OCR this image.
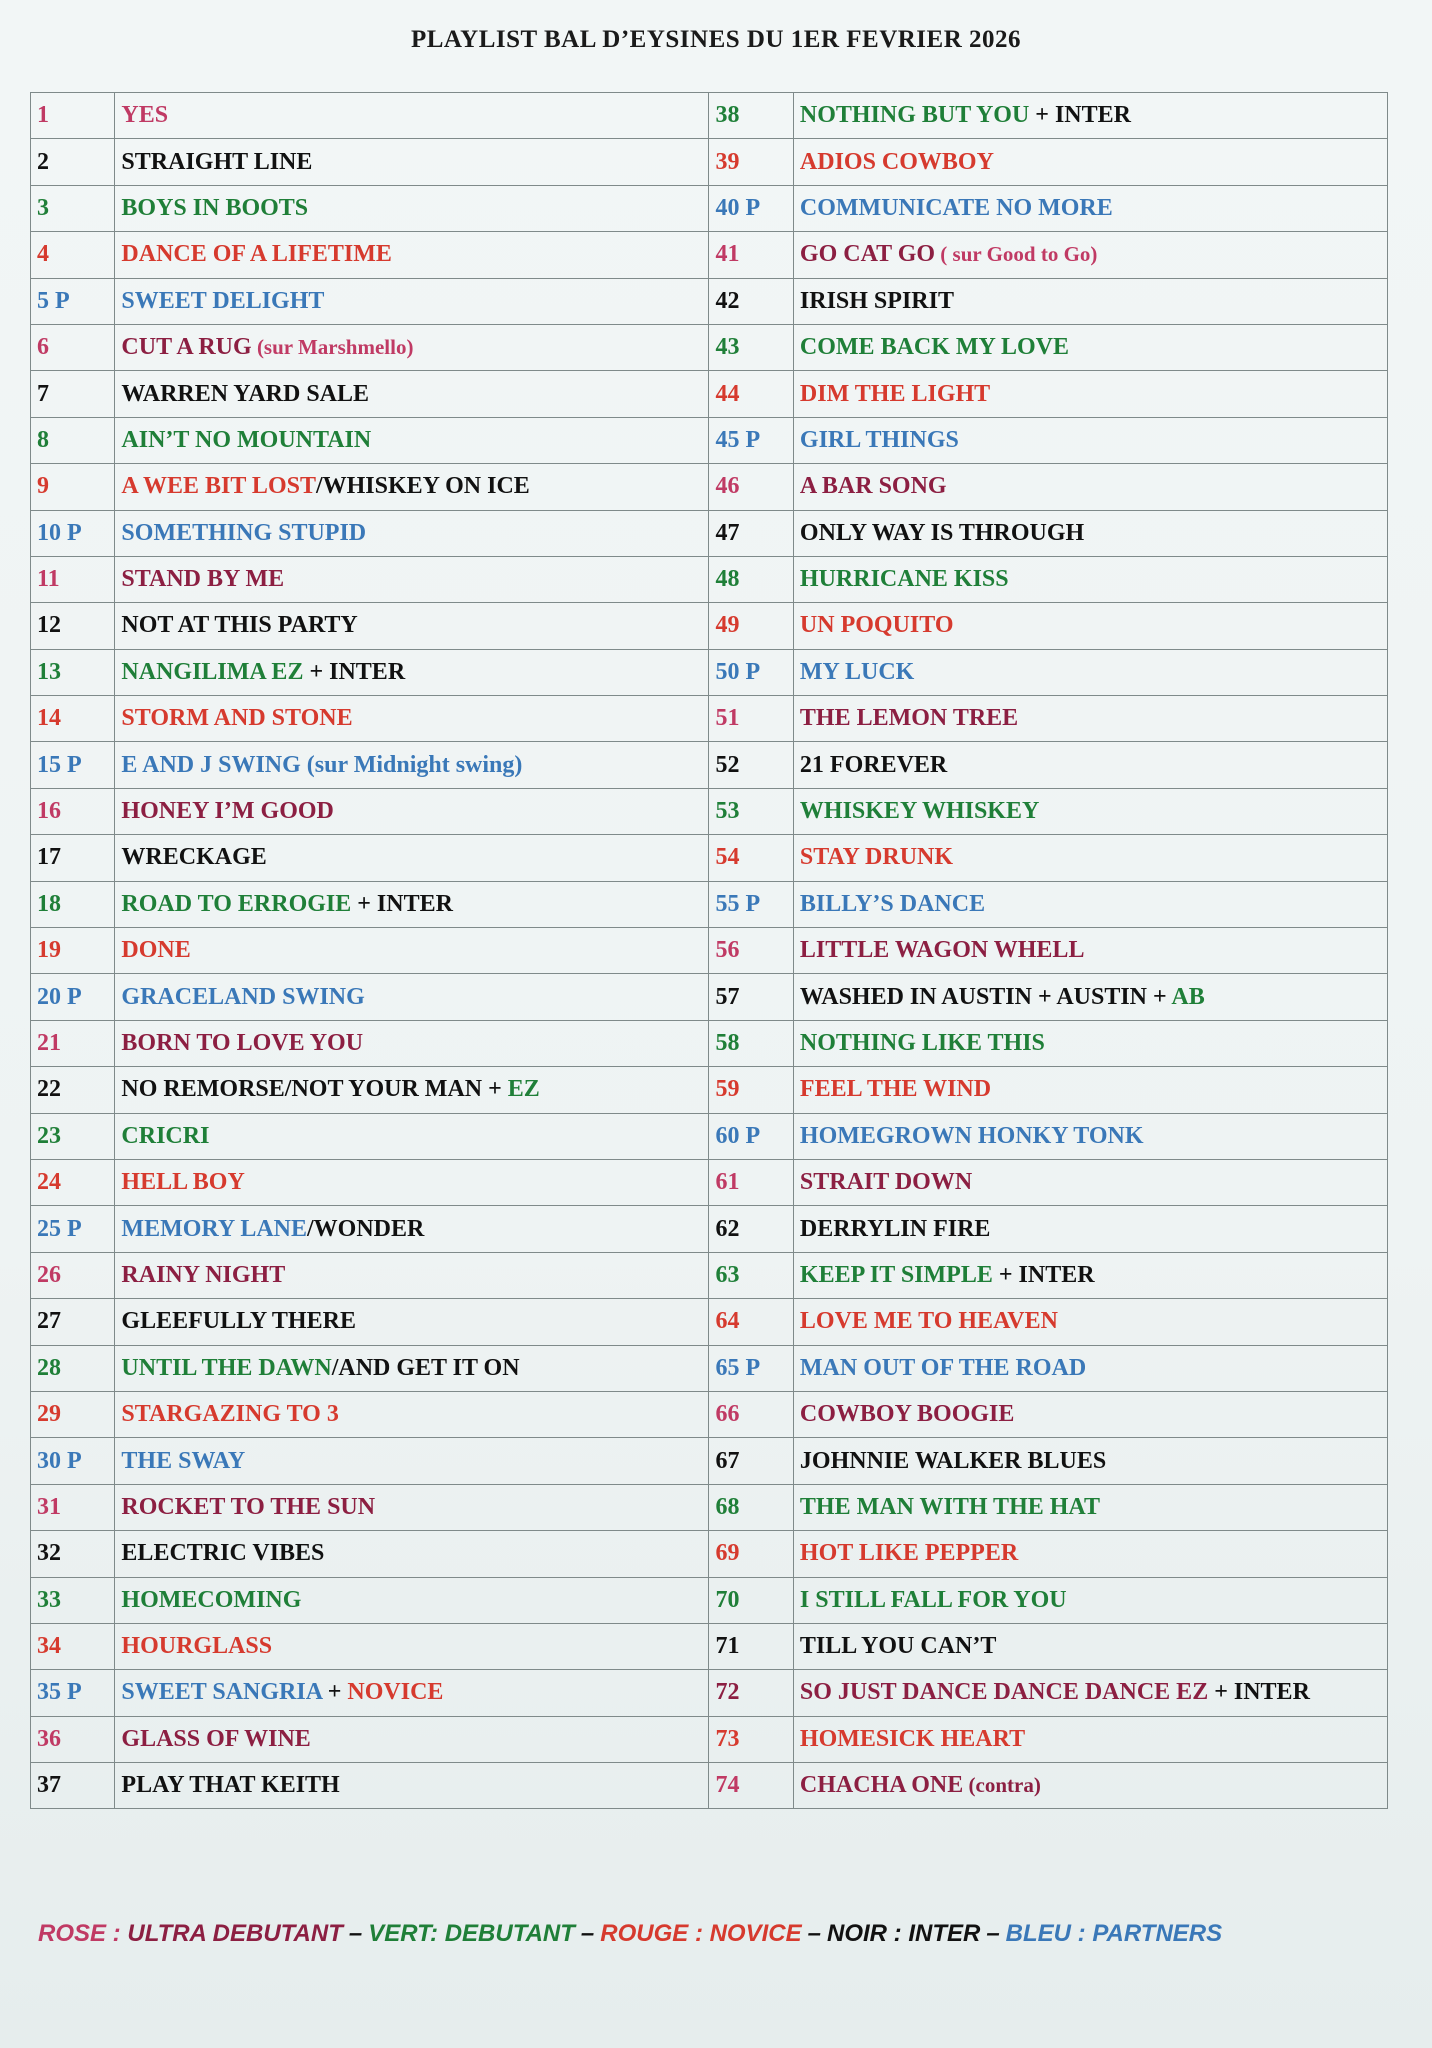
PLAYLIST BAL D’EYSINES DU 1ER FEVRIER 2026
1	YES	38	NOTHING BUT YOU + INTER
2	STRAIGHT LINE	39	ADIOS COWBOY
3	BOYS IN BOOTS	40 P	COMMUNICATE NO MORE
4	DANCE OF A LIFETIME	41	GO CAT GO ( sur Good to Go)
5 P	SWEET DELIGHT	42	IRISH SPIRIT
6	CUT A RUG (sur Marshmello)	43	COME BACK MY LOVE
7	WARREN YARD SALE	44	DIM THE LIGHT
8	AIN’T NO MOUNTAIN	45 P	GIRL THINGS
9	A WEE BIT LOST/WHISKEY ON ICE	46	A BAR SONG
10 P	SOMETHING STUPID	47	ONLY WAY IS THROUGH
11	STAND BY ME	48	HURRICANE KISS
12	NOT AT THIS PARTY	49	UN POQUITO
13	NANGILIMA EZ + INTER	50 P	MY LUCK
14	STORM AND STONE	51	THE LEMON TREE
15 P	E AND J SWING (sur Midnight swing)	52	21 FOREVER
16	HONEY I’M GOOD	53	WHISKEY WHISKEY
17	WRECKAGE	54	STAY DRUNK
18	ROAD TO ERROGIE + INTER	55 P	BILLY’S DANCE
19	DONE	56	LITTLE WAGON WHELL
20 P	GRACELAND SWING	57	WASHED IN AUSTIN + AUSTIN + AB
21	BORN TO LOVE YOU	58	NOTHING LIKE THIS
22	NO REMORSE/NOT YOUR MAN + EZ	59	FEEL THE WIND
23	CRICRI	60 P	HOMEGROWN HONKY TONK
24	HELL BOY	61	STRAIT DOWN
25 P	MEMORY LANE/WONDER	62	DERRYLIN FIRE
26	RAINY NIGHT	63	KEEP IT SIMPLE + INTER
27	GLEEFULLY THERE	64	LOVE ME TO HEAVEN
28	UNTIL THE DAWN/AND GET IT ON	65 P	MAN OUT OF THE ROAD
29	STARGAZING TO 3	66	COWBOY BOOGIE
30 P	THE SWAY	67	JOHNNIE WALKER BLUES
31	ROCKET TO THE SUN	68	THE MAN WITH THE HAT
32	ELECTRIC VIBES	69	HOT LIKE PEPPER
33	HOMECOMING	70	I STILL FALL FOR YOU
34	HOURGLASS	71	TILL YOU CAN’T
35 P	SWEET SANGRIA + NOVICE	72	SO JUST DANCE DANCE DANCE EZ + INTER
36	GLASS OF WINE	73	HOMESICK HEART
37	PLAY THAT KEITH	74	CHACHA ONE (contra)
ROSE : ULTRA DEBUTANT – VERT: DEBUTANT – ROUGE : NOVICE – NOIR : INTER – BLEU : PARTNERS
